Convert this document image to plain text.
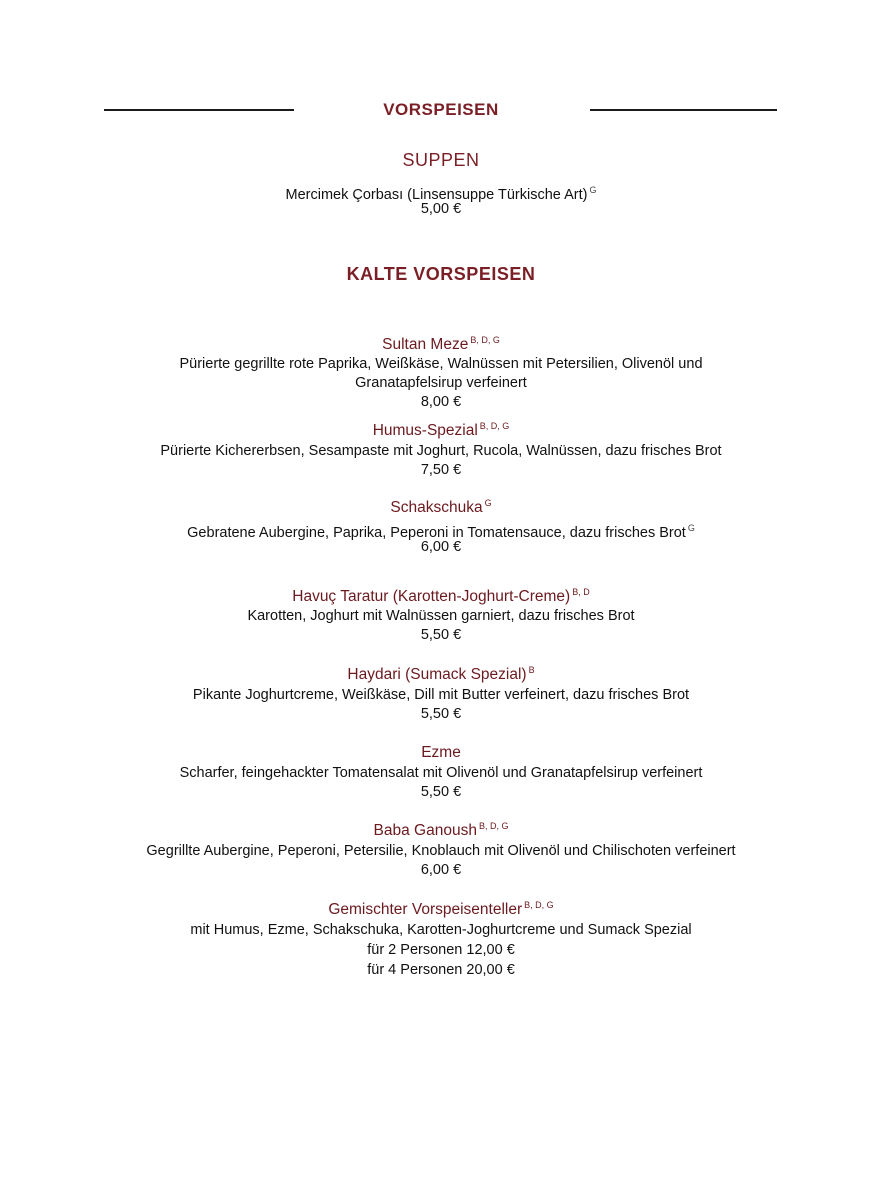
VORSPEISEN
SUPPEN
Mercimek Çorbası (Linsensuppe Türkische Art) $^G$
5,00 €
KALTE VORSPEISEN
Sultan Meze $^{B, D, G}$
Pürierte gegrillte rote Paprika, Weißkäse, Walnüssen mit Petersilien, Olivenöl und
Granatapfelsirup verfeinert
8,00 €
Humus-Spezial $^{B, D, G}$
Pürierte Kichererbsen, Sesampaste mit Joghurt, Rucola, Walnüssen, dazu frisches Brot
7,50 €
Schakschuka $^G$
Gebratene Aubergine, Paprika, Peperoni in Tomatensauce, dazu frisches Brot $^G$
6,00 €
Havuç Taratur (Karotten-Joghurt-Creme) $^{B, D}$
Karotten, Joghurt mit Walnüssen garniert, dazu frisches Brot
5,50 €
Haydari (Sumack Spezial) $^B$
Pikante Joghurtcreme, Weißkäse, Dill mit Butter verfeinert, dazu frisches Brot
5,50 €
Ezme
Scharfer, feingehackter Tomatensalat mit Olivenöl und Granatapfelsirup verfeinert
5,50 €
Baba Ganoush $^{B, D, G}$
Gegrillte Aubergine, Peperoni, Petersilie, Knoblauch mit Olivenöl und Chilischoten verfeinert
6,00 €
Gemischter Vorspeisenteller $^{B, D, G}$
mit Humus, Ezme, Schakschuka, Karotten-Joghurtcreme und Sumack Spezial
für 2 Personen 12,00 €
für 4 Personen 20,00 €
